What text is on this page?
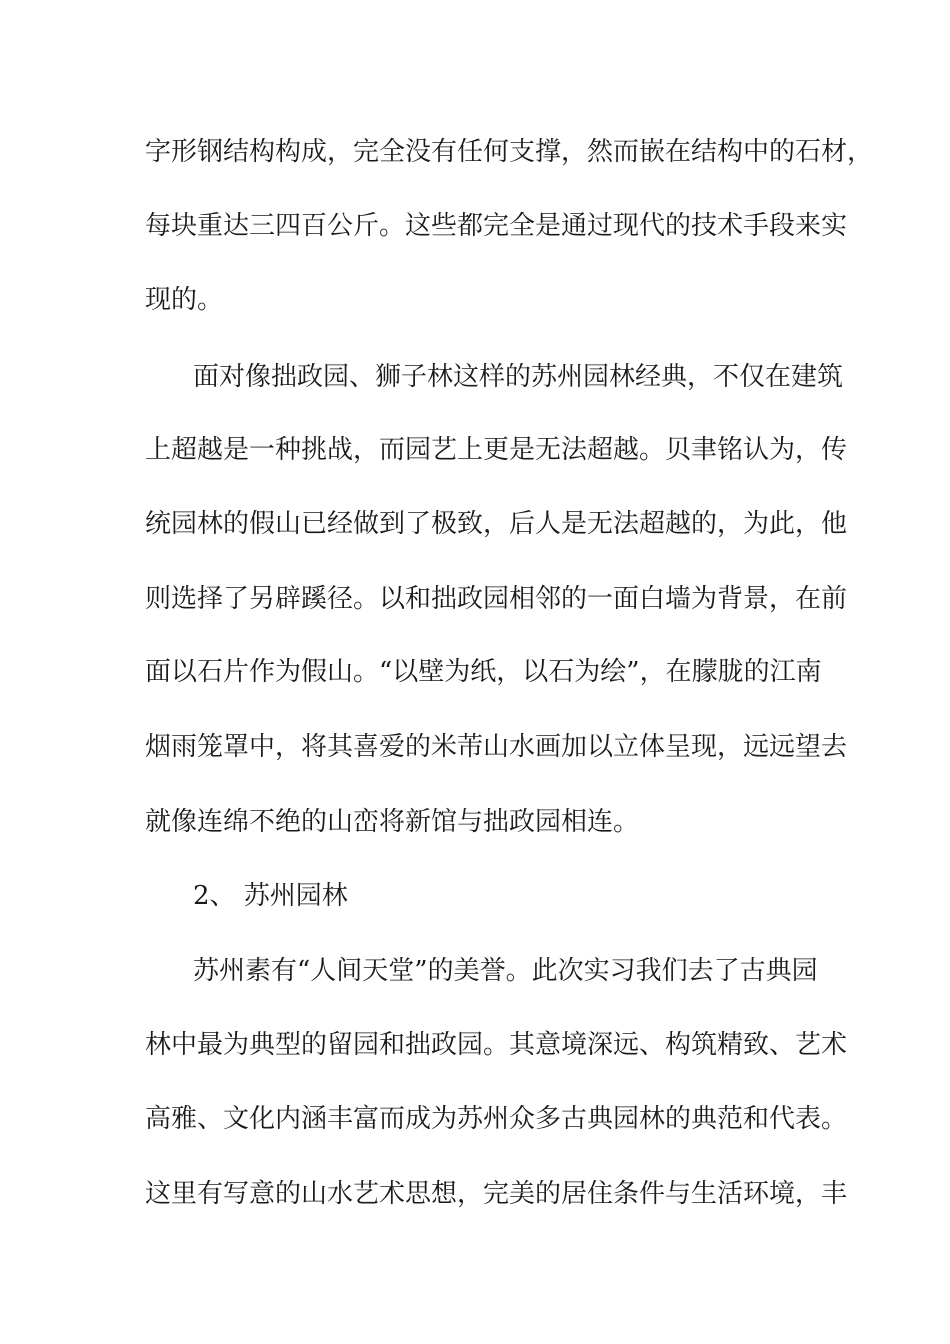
字形钢结构构成，完全没有任何支撑，然而嵌在结构中的石材，
每块重达三四百公斤。这些都完全是通过现代的技术手段来实
现的。
面对像拙政园、狮子林这样的苏州园林经典，不仅在建筑
上超越是一种挑战，而园艺上更是无法超越。贝聿铭认为，传
统园林的假山已经做到了极致，后人是无法超越的，为此，他
则选择了另辟蹊径。以和拙政园相邻的一面白墙为背景，在前
面以石片作为假山。“以壁为纸，以石为绘”，在朦胧的江南
烟雨笼罩中，将其喜爱的米芾山水画加以立体呈现，远远望去
就像连绵不绝的山峦将新馆与拙政园相连。
2、 苏州园林
苏州素有“人间天堂”的美誉。此次实习我们去了古典园
林中最为典型的留园和拙政园。其意境深远、构筑精致、艺术
高雅、文化内涵丰富而成为苏州众多古典园林的典范和代表。
这里有写意的山水艺术思想，完美的居住条件与生活环境，丰
